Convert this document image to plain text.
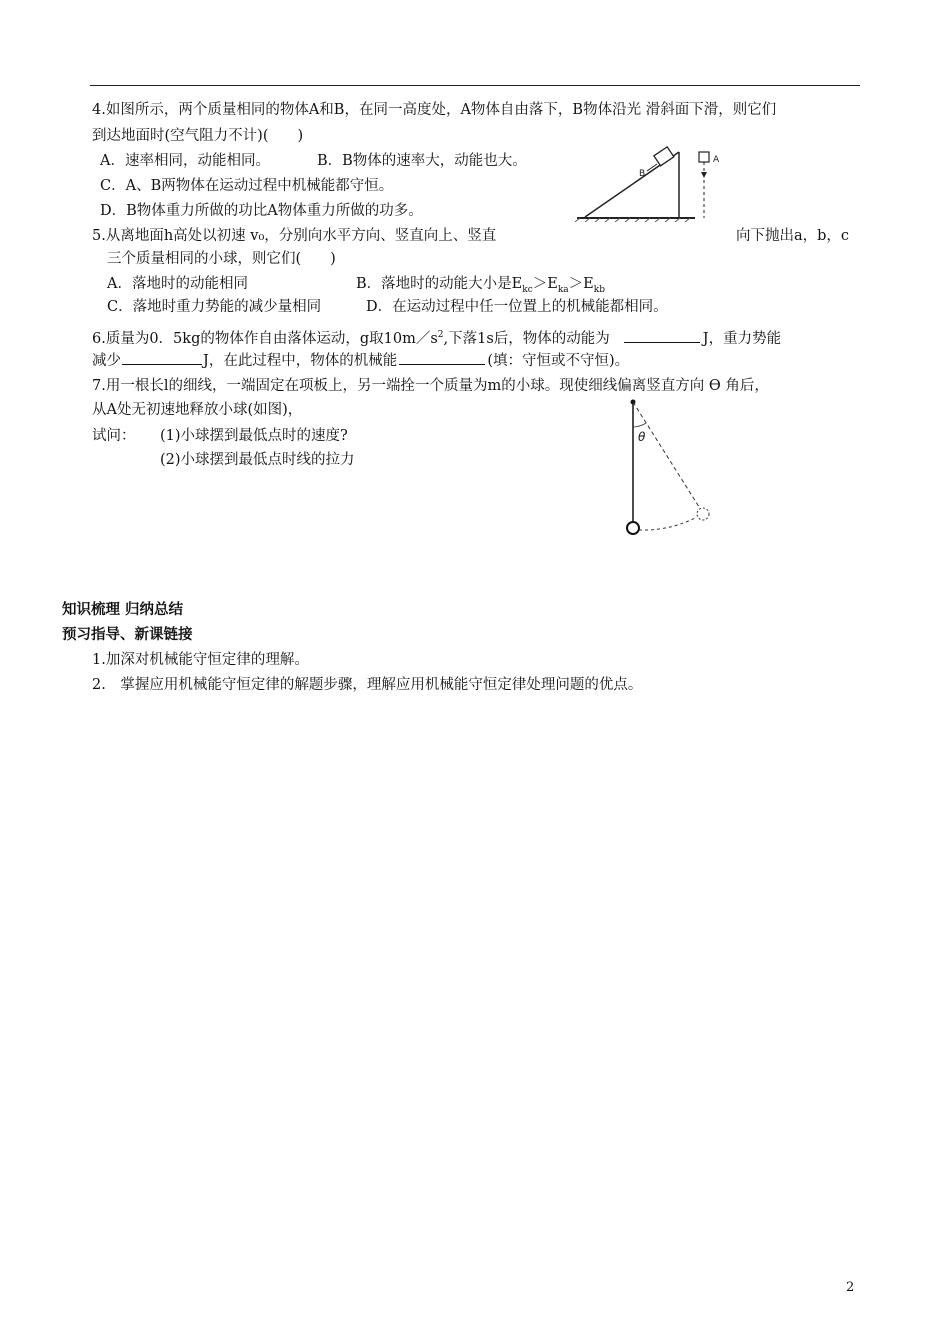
4.如图所示，两个质量相同的物体A和B，在同一高度处，A物体自由落下，B物体沿光 滑斜面下滑，则它们
到达地面时(空气阻力不计)(　　)
A．速率相同，动能相同。	B．B物体的速率大，动能也大。
C．A、B两物体在运动过程中机械能都守恒。
D．B物体重力所做的功比A物体重力所做的功多。
B
A
5.从离地面h高处以初速 v₀，分别向水平方向、竖直向上、竖直	向下抛出a，b，c
三个质量相同的小球，则它们(　　)
A．落地时的动能相同	B．落地时的动能大小是$E_{kc}>E_{ka}>E_{kb}$
C．落地时重力势能的减少量相同	D．在运动过程中任一位置上的机械能都相同。
6.质量为0．5kg的物体作自由落体运动，g取$10m/s^2$,下落1s后，物体的动能为	J，重力势能
减少	J，在此过程中，物体的机械能	(填：守恒或不守恒)。
7.用一根长l的细线，一端固定在项板上，另一端拴一个质量为m的小球。现使细线偏离竖直方向 ϴ 角后，
从A处无初速地释放小球(如图)，
试问： (1)小球摆到最低点时的速度?
(2)小球摆到最低点时线的拉力
θ
知识梳理 归纳总结
预习指导、新课链接
1.加深对机械能守恒定律的理解。
2.　掌握应用机械能守恒定律的解题步骤，理解应用机械能守恒定律处理问题的优点。
2
